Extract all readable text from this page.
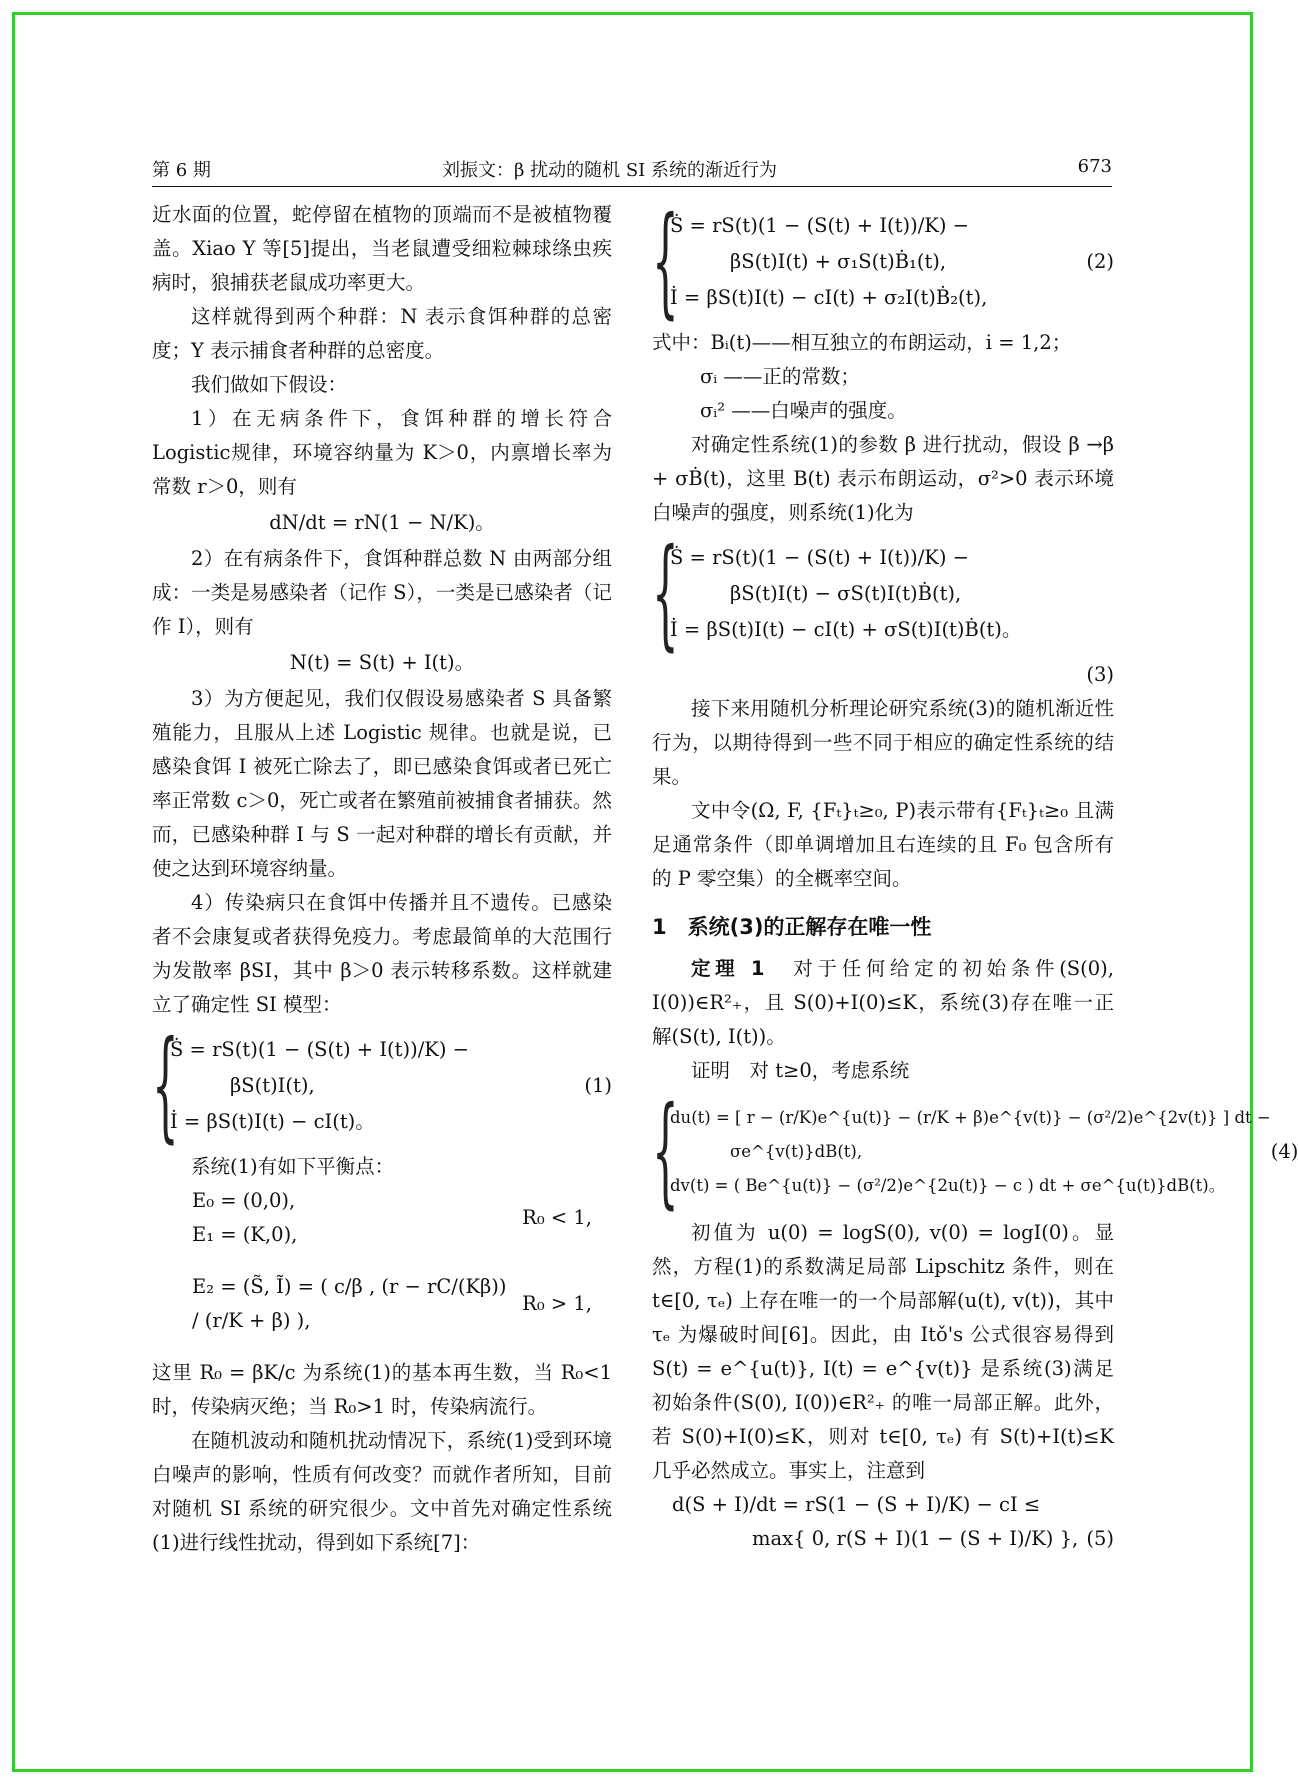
第 6 期	刘振文：β 扰动的随机 SI 系统的渐近行为	673

近水面的位置，蛇停留在植物的顶端而不是被植物覆盖。Xiao Y 等[5]提出，当老鼠遭受细粒棘球绦虫疾病时，狼捕获老鼠成功率更大。

这样就得到两个种群：N 表示食饵种群的总密度；Y 表示捕食者种群的总密度。

我们做如下假设：

1）在无病条件下，食饵种群的增长符合 Logistic规律，环境容纳量为 K＞0，内禀增长率为常数 r＞0，则有

dN/dt = rN(1 − N/K)。

2）在有病条件下，食饵种群总数 N 由两部分组成：一类是易感染者（记作 S），一类是已感染者（记作 I），则有

N(t) = S(t) + I(t)。

3）为方便起见，我们仅假设易感染者 S 具备繁殖能力，且服从上述 Logistic 规律。也就是说，已感染食饵 I 被死亡除去了，即已感染食饵或者已死亡率正常数 c＞0，死亡或者在繁殖前被捕食者捕获。然而，已感染种群 I 与 S 一起对种群的增长有贡献，并使之达到环境容纳量。

4）传染病只在食饵中传播并且不遗传。已感染者不会康复或者获得免疫力。考虑最简单的大范围行为发散率 βSI，其中 β＞0 表示转移系数。这样就建立了确定性 SI 模型：

{
Ṡ = rS(t)(1 − (S(t) + I(t))/K) −
βS(t)I(t),
İ = βS(t)I(t) − cI(t)。
(1)

系统(1)有如下平衡点：

E₀ = (0,0),
E₁ = (K,0),
R₀ < 1,
E₂ = (S̃, Ĩ) = ( c/β , (r − rC/(Kβ)) / (r/K + β) ),
R₀ > 1,

这里 R₀ = βK/c 为系统(1)的基本再生数，当 R₀<1 时，传染病灭绝；当 R₀>1 时，传染病流行。

在随机波动和随机扰动情况下，系统(1)受到环境白噪声的影响，性质有何改变？而就作者所知，目前对随机 SI 系统的研究很少。文中首先对确定性系统(1)进行线性扰动，得到如下系统[7]：

{
Ṡ = rS(t)(1 − (S(t) + I(t))/K) −
βS(t)I(t) + σ₁S(t)Ḃ₁(t),
İ = βS(t)I(t) − cI(t) + σ₂I(t)Ḃ₂(t),
(2)

式中：Bᵢ(t)——相互独立的布朗运动，i = 1,2；

σᵢ ——正的常数；

σᵢ² ——白噪声的强度。

对确定性系统(1)的参数 β 进行扰动，假设 β →β + σḂ(t)，这里 B(t) 表示布朗运动，σ²>0 表示环境白噪声的强度，则系统(1)化为

{
Ṡ = rS(t)(1 − (S(t) + I(t))/K) −
βS(t)I(t) − σS(t)I(t)Ḃ(t),
İ = βS(t)I(t) − cI(t) + σS(t)I(t)Ḃ(t)。
(3)

接下来用随机分析理论研究系统(3)的随机渐近性行为，以期待得到一些不同于相应的确定性系统的结果。

文中令(Ω, F, {Fₜ}ₜ≥₀, P)表示带有{Fₜ}ₜ≥₀ 且满足通常条件（即单调增加且右连续的且 F₀ 包含所有的 P 零空集）的全概率空间。

1　系统(3)的正解存在唯一性

定理 1　 对于任何给定的初始条件(S(0), I(0))∈R²₊，且 S(0)+I(0)≤K，系统(3)存在唯一正解(S(t), I(t))。

证明　对 t≥0，考虑系统

{
du(t) = [ r − (r/K)e^{u(t)} − (r/K + β)e^{v(t)} − (σ²/2)e^{2v(t)} ] dt −
σe^{v(t)}dB(t),
dv(t) = ( Be^{u(t)} − (σ²/2)e^{2u(t)} − c ) dt + σe^{u(t)}dB(t)。
(4)

初值为 u(0) = logS(0), v(0) = logI(0)。显然，方程(1)的系数满足局部 Lipschitz 条件，则在 t∈[0, τₑ) 上存在唯一的一个局部解(u(t), v(t))，其中 τₑ 为爆破时间[6]。因此，由 Itǒ's 公式很容易得到 S(t) = e^{u(t)}, I(t) = e^{v(t)} 是系统(3)满足初始条件(S(0), I(0))∈R²₊ 的唯一局部正解。此外，若 S(0)+I(0)≤K，则对 t∈[0, τₑ) 有 S(t)+I(t)≤K 几乎必然成立。事实上，注意到

d(S + I)/dt = rS(1 − (S + I)/K) − cI ≤
max{ 0, r(S + I)(1 − (S + I)/K) }, (5)
